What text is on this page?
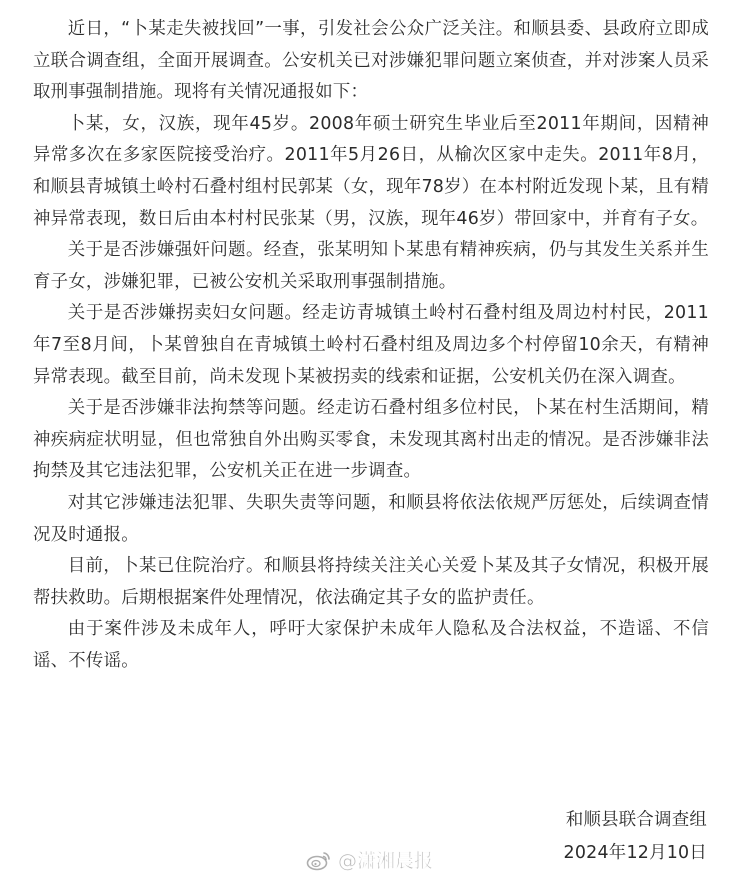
近日，“卜某走失被找回”一事，引发社会公众广泛关注。和顺县委、县政府立即成立联合调查组，全面开展调查。公安机关已对涉嫌犯罪问题立案侦查，并对涉案人员采取刑事强制措施。现将有关情况通报如下：

卜某，女，汉族，现年45岁。2008年硕士研究生毕业后至2011年期间，因精神异常多次在多家医院接受治疗。2011年5月26日，从榆次区家中走失。2011年8月，和顺县青城镇土岭村石叠村组村民郭某（女，现年78岁）在本村附近发现卜某，且有精神异常表现，数日后由本村村民张某（男，汉族，现年46岁）带回家中，并育有子女。

关于是否涉嫌强奸问题。经查，张某明知卜某患有精神疾病，仍与其发生关系并生育子女，涉嫌犯罪，已被公安机关采取刑事强制措施。

关于是否涉嫌拐卖妇女问题。经走访青城镇土岭村石叠村组及周边村村民，2011年7至8月间，卜某曾独自在青城镇土岭村石叠村组及周边多个村停留10余天，有精神异常表现。截至目前，尚未发现卜某被拐卖的线索和证据，公安机关仍在深入调查。

关于是否涉嫌非法拘禁等问题。经走访石叠村组多位村民，卜某在村生活期间，精神疾病症状明显，但也常独自外出购买零食，未发现其离村出走的情况。是否涉嫌非法拘禁及其它违法犯罪，公安机关正在进一步调查。

对其它涉嫌违法犯罪、失职失责等问题，和顺县将依法依规严厉惩处，后续调查情况及时通报。

目前，卜某已住院治疗。和顺县将持续关注关心关爱卜某及其子女情况，积极开展帮扶救助。后期根据案件处理情况，依法确定其子女的监护责任。

由于案件涉及未成年人，呼吁大家保护未成年人隐私及合法权益，不造谣、不信谣、不传谣。

和顺县联合调查组
2024年12月10日
@潇湘晨报
